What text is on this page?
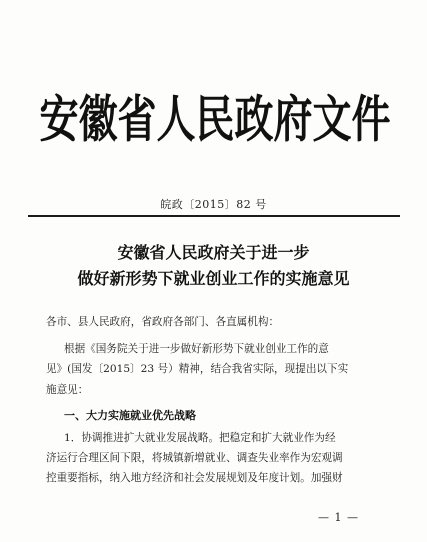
安徽省人民政府文件
皖政〔2015〕82 号
安徽省人民政府关于进一步
做好新形势下就业创业工作的实施意见
各市、县人民政府，省政府各部门、各直属机构：
根据《国务院关于进一步做好新形势下就业创业工作的意
见》(国发〔2015〕23 号）精神，结合我省实际，现提出以下实
施意见：
一、大力实施就业优先战略
1．协调推进扩大就业发展战略。把稳定和扩大就业作为经
济运行合理区间下限，将城镇新增就业、调查失业率作为宏观调
控重要指标，纳入地方经济和社会发展规划及年度计划。加强财
— 1 —
